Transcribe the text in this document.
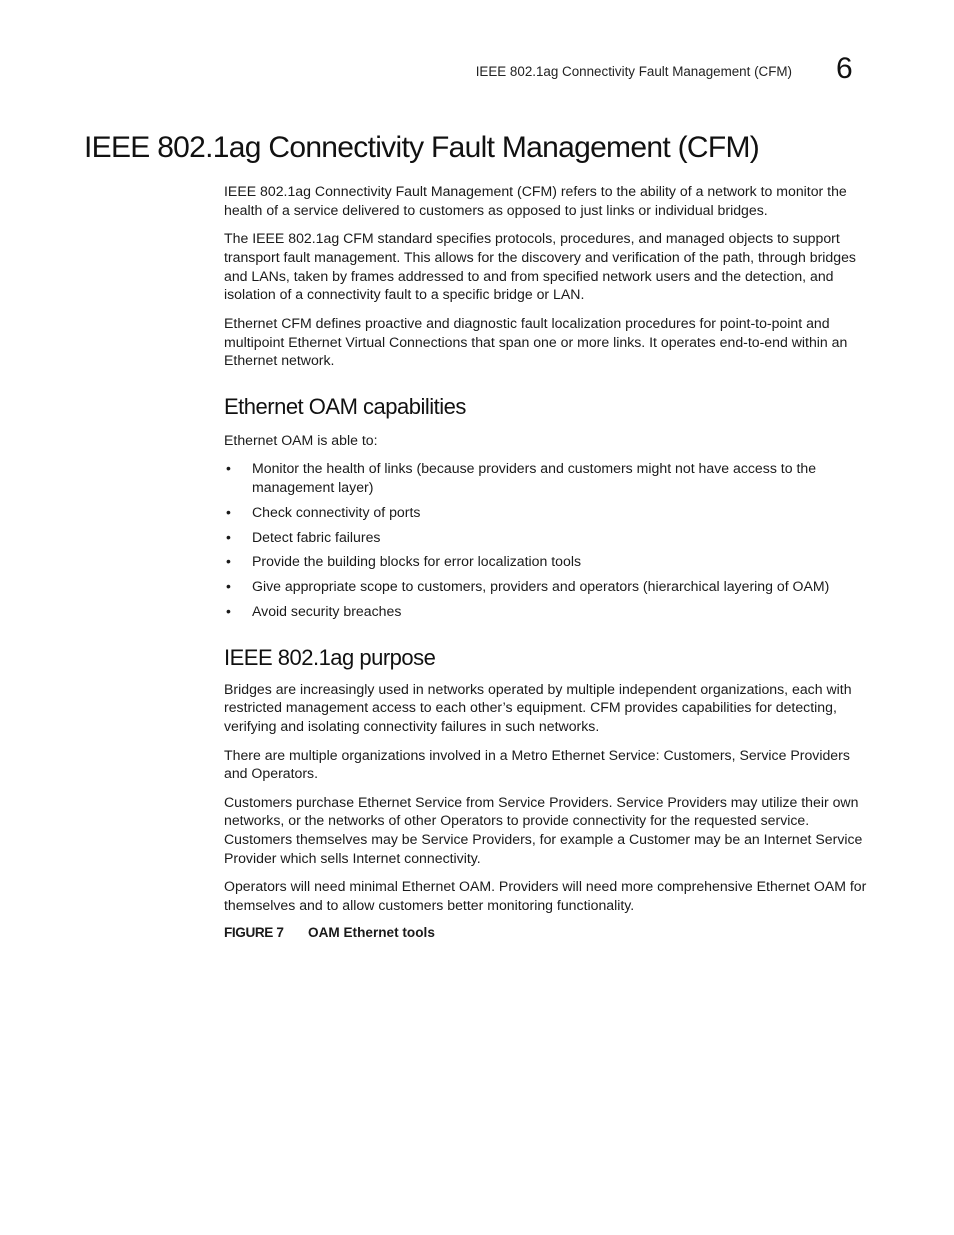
IEEE 802.1ag Connectivity Fault Management (CFM) 6
IEEE 802.1ag Connectivity Fault Management (CFM)

IEEE 802.1ag Connectivity Fault Management (CFM) refers to the ability of a network to monitor the health of a service delivered to customers as opposed to just links or individual bridges.

The IEEE 802.1ag CFM standard specifies protocols, procedures, and managed objects to support transport fault management. This allows for the discovery and verification of the path, through bridges and LANs, taken by frames addressed to and from specified network users and the detection, and isolation of a connectivity fault to a specific bridge or LAN.

Ethernet CFM defines proactive and diagnostic fault localization procedures for point-to-point and multipoint Ethernet Virtual Connections that span one or more links. It operates end-to-end within an Ethernet network.

Ethernet OAM capabilities

Ethernet OAM is able to:

• Monitor the health of links (because providers and customers might not have access to the management layer)
• Check connectivity of ports
• Detect fabric failures
• Provide the building blocks for error localization tools
• Give appropriate scope to customers, providers and operators (hierarchical layering of OAM)
• Avoid security breaches
IEEE 802.1ag purpose

Bridges are increasingly used in networks operated by multiple independent organizations, each with restricted management access to each other’s equipment. CFM provides capabilities for detecting, verifying and isolating connectivity failures in such networks.

There are multiple organizations involved in a Metro Ethernet Service: Customers, Service Providers and Operators.

Customers purchase Ethernet Service from Service Providers. Service Providers may utilize their own networks, or the networks of other Operators to provide connectivity for the requested service. Customers themselves may be Service Providers, for example a Customer may be an Internet Service Provider which sells Internet connectivity.

Operators will need minimal Ethernet OAM. Providers will need more comprehensive Ethernet OAM for themselves and to allow customers better monitoring functionality.

FIGURE 7 OAM Ethernet tools
